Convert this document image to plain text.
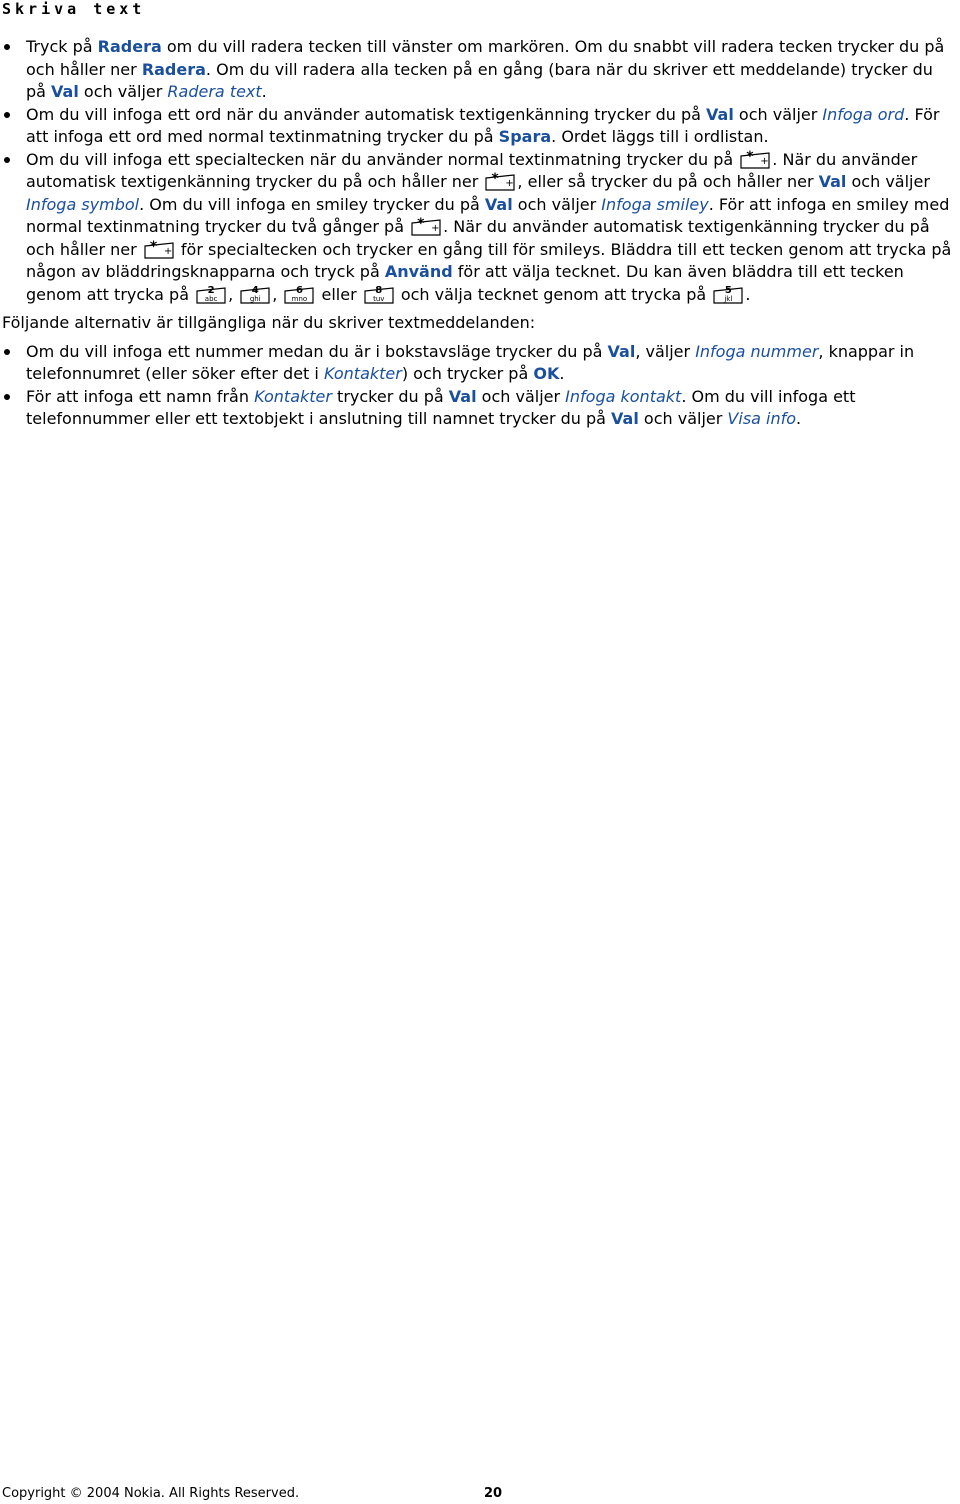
Skriva text
Tryck på Radera om du vill radera tecken till vänster om markören. Om du snabbt vill radera tecken trycker du på och håller ner Radera. Om du vill radera alla tecken på en gång (bara när du skriver ett meddelande) trycker du på Val och väljer Radera text.
Om du vill infoga ett ord när du använder automatisk textigenkänning trycker du på Val och väljer Infoga ord. För att infoga ett ord med normal textinmatning trycker du på Spara. Ordet läggs till i ordlistan.
Om du vill infoga ett specialtecken när du använder normal textinmatning trycker du på * + . När du använder automatisk textigenkänning trycker du på och håller ner * + , eller så trycker du på och håller ner Val och väljer Infoga symbol. Om du vill infoga en smiley trycker du på Val och väljer Infoga smiley. För att infoga en smiley med normal textinmatning trycker du två gånger på * + . När du använder automatisk textigenkänning trycker du på och håller ner * + för specialtecken och trycker en gång till för smileys. Bläddra till ett tecken genom att trycka på någon av bläddringsknapparna och tryck på Använd för att välja tecknet. Du kan även bläddra till ett tecken genom att trycka på	2
abc ,	4
ghi ,	6
mno eller	8
tuv och välja tecknet genom att trycka på	5
jkl .
Följande alternativ är tillgängliga när du skriver textmeddelanden:
Om du vill infoga ett nummer medan du är i bokstavsläge trycker du på Val, väljer Infoga nummer, knappar in telefonnumret (eller söker efter det i Kontakter) och trycker på OK.
För att infoga ett namn från Kontakter trycker du på Val och väljer Infoga kontakt. Om du vill infoga ett telefonnummer eller ett textobjekt i anslutning till namnet trycker du på Val och väljer Visa info.
Copyright © 2004 Nokia. All Rights Reserved.	20
